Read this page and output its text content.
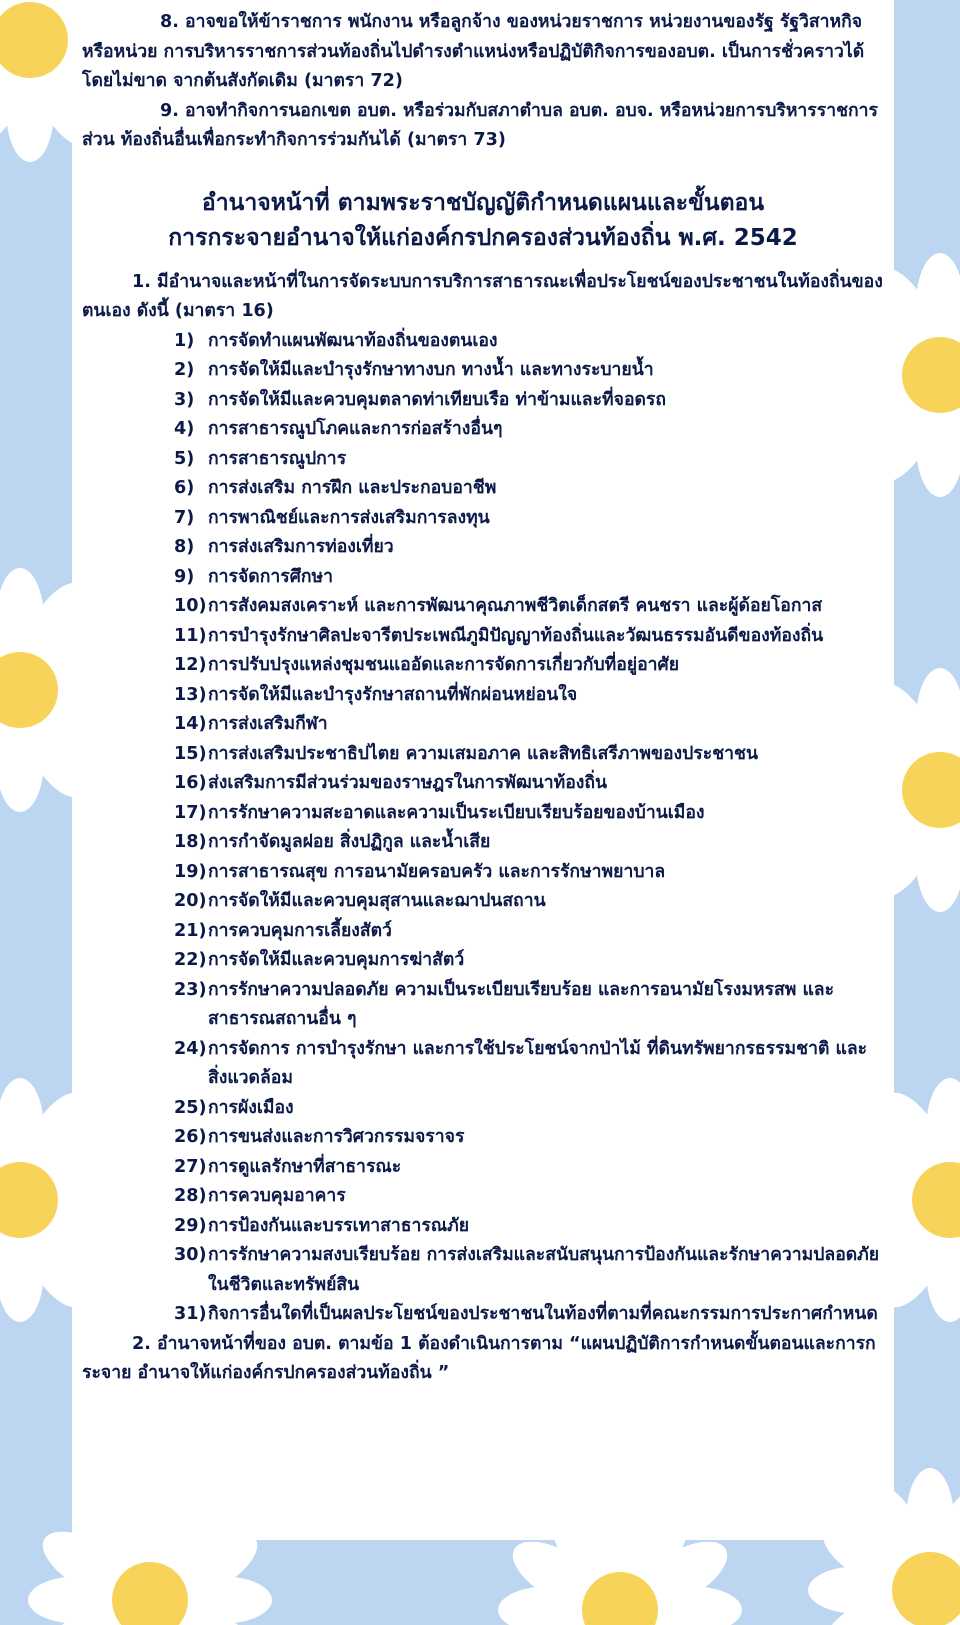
8. อาจขอให้ข้าราชการ พนักงาน หรือลูกจ้าง ของหน่วยราชการ หน่วยงานของรัฐ รัฐวิสาหกิจ หรือหน่วย การบริหารราชการส่วนท้องถิ่นไปดำรงตำแหน่งหรือปฏิบัติกิจการของอบต. เป็นการชั่วคราวได้โดยไม่ขาด จากต้นสังกัดเดิม (มาตรา 72)

9. อาจทำกิจการนอกเขต อบต. หรือร่วมกับสภาตำบล อบต. อบจ. หรือหน่วยการบริหารราชการส่วน ท้องถิ่นอื่นเพื่อกระทำกิจการร่วมกันได้ (มาตรา 73)

อำนาจหน้าที่ ตามพระราชบัญญัติกำหนดแผนและขั้นตอน
การกระจายอำนาจให้แก่องค์กรปกครองส่วนท้องถิ่น พ.ศ. 2542

1. มีอำนาจและหน้าที่ในการจัดระบบการบริการสาธารณะเพื่อประโยชน์ของประชาชนในท้องถิ่นของตนเอง ดังนี้ (มาตรา 16)

1) การจัดทำแผนพัฒนาท้องถิ่นของตนเอง
2) การจัดให้มีและบำรุงรักษาทางบก ทางน้ำ และทางระบายน้ำ
3) การจัดให้มีและควบคุมตลาดท่าเทียบเรือ ท่าข้ามและที่จอดรถ
4) การสาธารณูปโภคและการก่อสร้างอื่นๆ
5) การสาธารณูปการ
6) การส่งเสริม การฝึก และประกอบอาชีพ
7) การพาณิชย์และการส่งเสริมการลงทุน
8) การส่งเสริมการท่องเที่ยว
9) การจัดการศึกษา
10)การสังคมสงเคราะห์ และการพัฒนาคุณภาพชีวิตเด็กสตรี คนชรา และผู้ด้อยโอกาส
11)การบำรุงรักษาศิลปะจารีตประเพณีภูมิปัญญาท้องถิ่นและวัฒนธรรมอันดีของท้องถิ่น
12)การปรับปรุงแหล่งชุมชนแออัดและการจัดการเกี่ยวกับที่อยู่อาศัย
13)การจัดให้มีและบำรุงรักษาสถานที่พักผ่อนหย่อนใจ
14)การส่งเสริมกีฬา
15)การส่งเสริมประชาธิปไตย ความเสมอภาค และสิทธิเสรีภาพของประชาชน
16)ส่งเสริมการมีส่วนร่วมของราษฎรในการพัฒนาท้องถิ่น
17)การรักษาความสะอาดและความเป็นระเบียบเรียบร้อยของบ้านเมือง
18)การกำจัดมูลฝอย สิ่งปฏิกูล และน้ำเสีย
19)การสาธารณสุข การอนามัยครอบครัว และการรักษาพยาบาล
20)การจัดให้มีและควบคุมสุสานและฌาปนสถาน
21)การควบคุมการเลี้ยงสัตว์
22)การจัดให้มีและควบคุมการฆ่าสัตว์
23)การรักษาความปลอดภัย ความเป็นระเบียบเรียบร้อย และการอนามัยโรงมหรสพ และ สาธารณสถานอื่น ๆ
24)การจัดการ การบำรุงรักษา และการใช้ประโยชน์จากป่าไม้ ที่ดินทรัพยากรธรรมชาติ และ สิ่งแวดล้อม
25)การผังเมือง
26)การขนส่งและการวิศวกรรมจราจร
27)การดูแลรักษาที่สาธารณะ
28)การควบคุมอาคาร
29)การป้องกันและบรรเทาสาธารณภัย
30)การรักษาความสงบเรียบร้อย การส่งเสริมและสนับสนุนการป้องกันและรักษาความปลอดภัยในชีวิตและทรัพย์สิน
31)กิจการอื่นใดที่เป็นผลประโยชน์ของประชาชนในท้องที่ตามที่คณะกรรมการประกาศกำหนด

2. อำนาจหน้าที่ของ อบต. ตามข้อ 1 ต้องดำเนินการตาม “แผนปฏิบัติการกำหนดขั้นตอนและการกระจาย อำนาจให้แก่องค์กรปกครองส่วนท้องถิ่น ”
